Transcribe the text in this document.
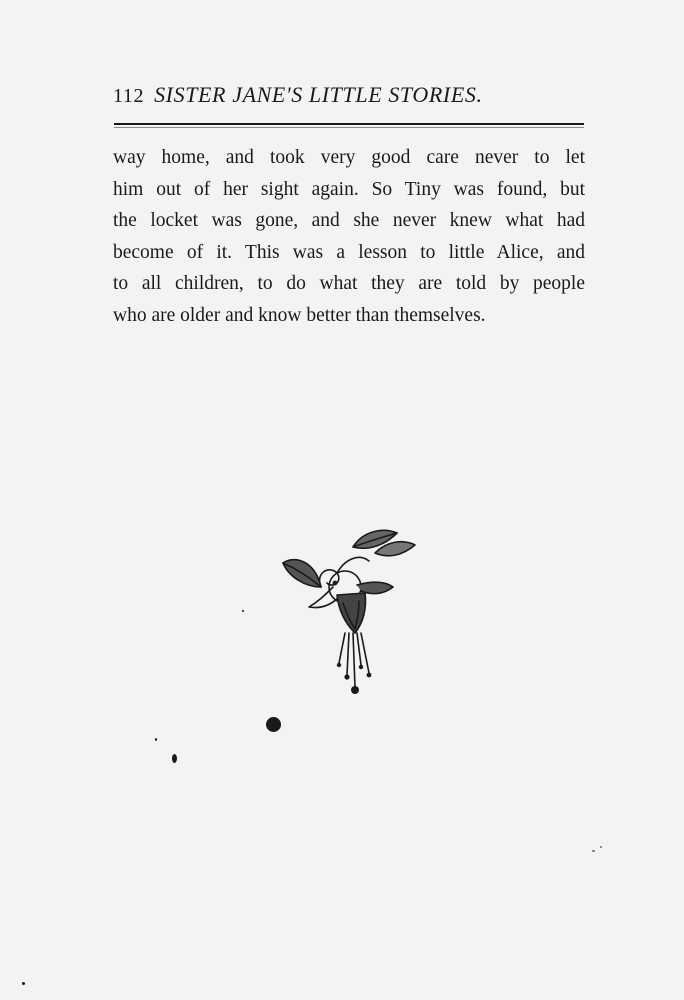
112 SISTER JANE'S LITTLE STORIES.
way home, and took very good care never to let
him out of her sight again. So Tiny was found, but
the locket was gone, and she never knew what had
become of it. This was a lesson to little Alice, and
to all children, to do what they are told by people
who are older and know better than themselves.
